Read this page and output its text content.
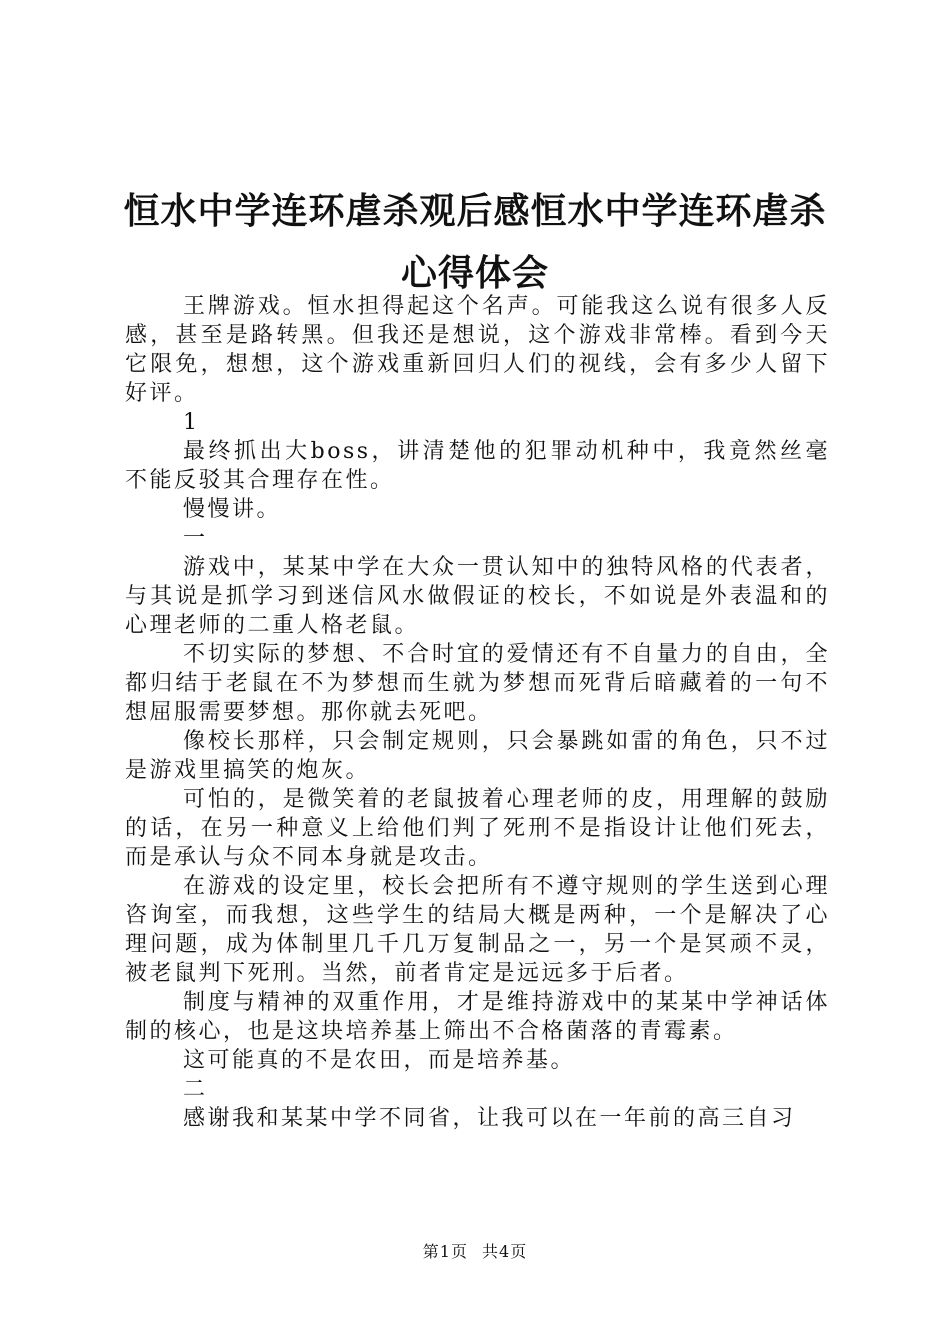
恒水中学连环虐杀观后感恒水中学连环虐杀心得体会

王牌游戏。恒水担得起这个名声。可能我这么说有很多人反感，甚至是路转黑。但我还是想说，这个游戏非常棒。看到今天它限免，想想，这个游戏重新回归人们的视线，会有多少人留下好评。

1

最终抓出大boss，讲清楚他的犯罪动机种中，我竟然丝毫不能反驳其合理存在性。

慢慢讲。

一

游戏中，某某中学在大众一贯认知中的独特风格的代表者，与其说是抓学习到迷信风水做假证的校长，不如说是外表温和的心理老师的二重人格老鼠。

不切实际的梦想、不合时宜的爱情还有不自量力的自由，全都归结于老鼠在不为梦想而生就为梦想而死背后暗藏着的一句不想屈服需要梦想。那你就去死吧。

像校长那样，只会制定规则，只会暴跳如雷的角色，只不过是游戏里搞笑的炮灰。

可怕的，是微笑着的老鼠披着心理老师的皮，用理解的鼓励的话，在另一种意义上给他们判了死刑不是指设计让他们死去，而是承认与众不同本身就是攻击。

在游戏的设定里，校长会把所有不遵守规则的学生送到心理咨询室，而我想，这些学生的结局大概是两种，一个是解决了心理问题，成为体制里几千几万复制品之一，另一个是冥顽不灵，被老鼠判下死刑。当然，前者肯定是远远多于后者。

制度与精神的双重作用，才是维持游戏中的某某中学神话体制的核心，也是这块培养基上筛出不合格菌落的青霉素。

这可能真的不是农田，而是培养基。

二

感谢我和某某中学不同省，让我可以在一年前的高三自习

第1页 共4页
